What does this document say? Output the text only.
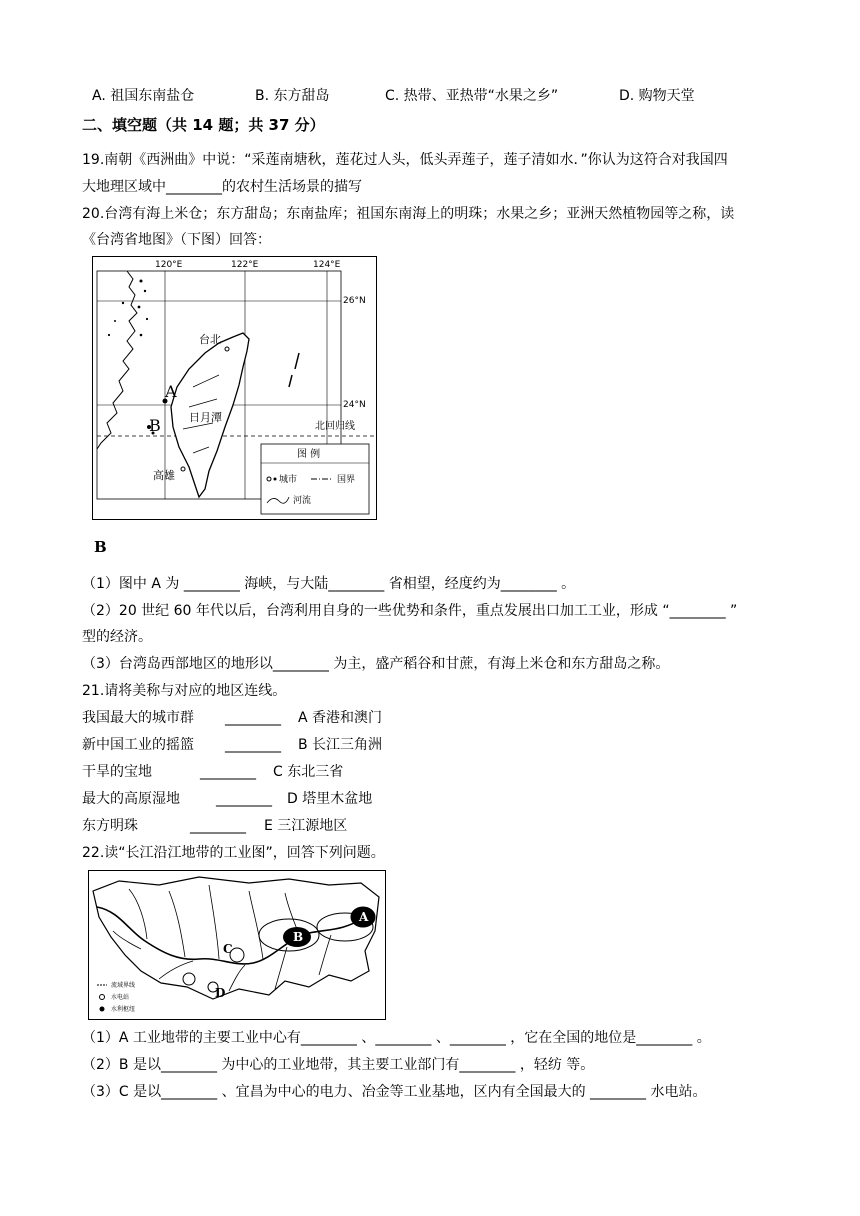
A. 祖国东南盐仓	B. 东方甜岛	C. 热带、亚热带“水果之乡”	D. 购物天堂
二、填空题（共 14 题；共 37 分）
19.南朝《西洲曲》中说：“采莲南塘秋，莲花过人头，低头弄莲子，莲子清如水．”你认为这符合对我国四
大地理区域中________的农村生活场景的描写
20.台湾有海上米仓；东方甜岛；东南盐库；祖国东南海上的明珠；水果之乡；亚洲天然植物园等之称，读
《台湾省地图》（下图）回答：
120°E	122°E	124°E
26°N
24°N
北回归线
A
B
台北
日月潭
高雄
图 例
城市	国界
河流
B
（1）图中 A 为 ________ 海峡，与大陆________ 省相望，经度约为________ 。
（2）20 世纪 60 年代以后，台湾利用自身的一些优势和条件，重点发展出口加工工业，形成 “________ ”
型的经济。
（3）台湾岛西部地区的地形以________ 为主，盛产稻谷和甘蔗，有海上米仓和东方甜岛之称。
21.请将美称与对应的地区连线。
我国最大的城市群 ________ A 香港和澳门
新中国工业的摇篮 ________ B 长江三角洲
干旱的宝地	________ C 东北三省
最大的高原湿地	________ D 塔里木盆地
东方明珠	________ E 三江源地区
22.读“长江沿江地带的工业图”，回答下列问题。
A
B
C
D
流域界线
水电站
水利枢纽
（1）A 工业地带的主要工业中心有________ 、________ 、________ ，它在全国的地位是________ 。
（2）B 是以________ 为中心的工业地带，其主要工业部门有________ ，轻纺 等。
（3）C 是以________ 、宜昌为中心的电力、冶金等工业基地，区内有全国最大的 ________ 水电站。
